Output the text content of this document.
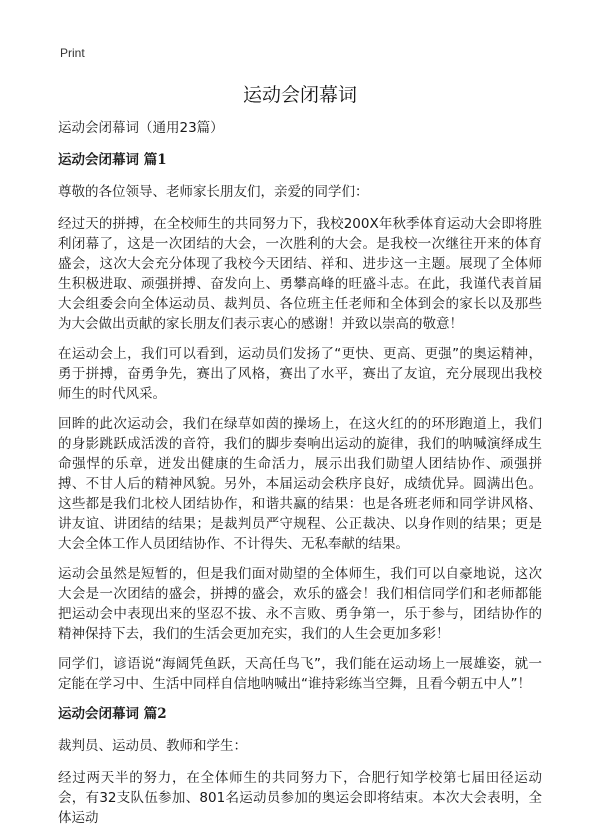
Print
运动会闭幕词

运动会闭幕词（通用23篇）

运动会闭幕词 篇1

尊敬的各位领导、老师家长朋友们，亲爱的同学们：

经过天的拼搏，在全校师生的共同努力下，我校200X年秋季体育运动大会即将胜利闭幕了，这是一次团结的大会，一次胜利的大会。是我校一次继往开来的体育盛会，这次大会充分体现了我校今天团结、祥和、进步这一主题。展现了全体师生积极进取、顽强拼搏、奋发向上、勇攀高峰的旺盛斗志。在此，我谨代表首届大会组委会向全体运动员、裁判员、各位班主任老师和全体到会的家长以及那些为大会做出贡献的家长朋友们表示衷心的感谢！并致以崇高的敬意！

在运动会上，我们可以看到，运动员们发扬了“更快、更高、更强”的奥运精神，勇于拼搏，奋勇争先，赛出了风格，赛出了水平，赛出了友谊，充分展现出我校师生的时代风采。

回眸的此次运动会，我们在绿草如茵的操场上，在这火红的的环形跑道上，我们的身影跳跃成活泼的音符，我们的脚步奏响出运动的旋律，我们的呐喊演绎成生命强悍的乐章，迸发出健康的生命活力，展示出我们勋望人团结协作、顽强拼搏、不甘人后的精神风貌。另外，本届运动会秩序良好，成绩优异。圆满出色。这些都是我们北校人团结协作，和谐共赢的结果：也是各班老师和同学讲风格、讲友谊、讲团结的结果；是裁判员严守规程、公正裁决、以身作则的结果；更是大会全体工作人员团结协作、不计得失、无私奉献的结果。

运动会虽然是短暂的，但是我们面对勋望的全体师生，我们可以自豪地说，这次大会是一次团结的盛会，拼搏的盛会，欢乐的盛会！我们相信同学们和老师都能把运动会中表现出来的坚忍不拔、永不言败、勇争第一，乐于参与，团结协作的精神保持下去，我们的生活会更加充实，我们的人生会更加多彩！

同学们，谚语说“海阔凭鱼跃，天高任鸟飞”，我们能在运动场上一展雄姿，就一定能在学习中、生活中同样自信地呐喊出“谁持彩练当空舞，且看今朝五中人”！

运动会闭幕词 篇2

裁判员、运动员、教师和学生：

经过两天半的努力，在全体师生的共同努力下，合肥行知学校第七届田径运动会，有32支队伍参加、801名运动员参加的奥运会即将结束。本次大会表明，全体运动
